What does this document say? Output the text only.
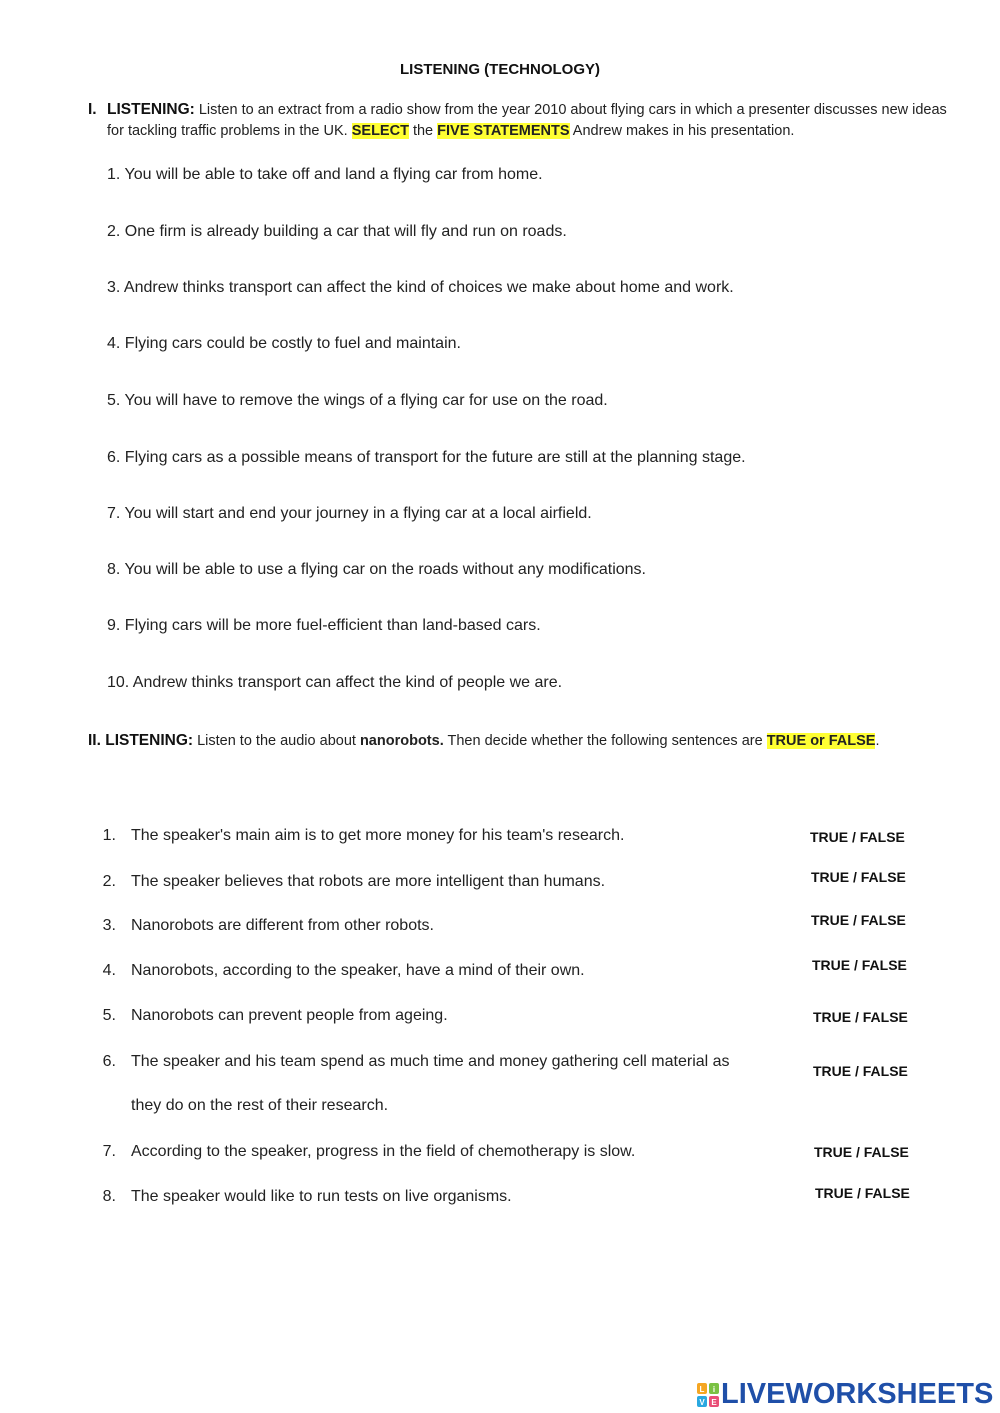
LISTENING (TECHNOLOGY)
I. LISTENING: Listen to an extract from a radio show from the year 2010 about flying cars in which a presenter discusses new ideas for tackling traffic problems in the UK. SELECT the FIVE STATEMENTS Andrew makes in his presentation.
1. You will be able to take off and land a flying car from home.
2. One firm is already building a car that will fly and run on roads.
3. Andrew thinks transport can affect the kind of choices we make about home and work.
4. Flying cars could be costly to fuel and maintain.
5. You will have to remove the wings of a flying car for use on the road.
6. Flying cars as a possible means of transport for the future are still at the planning stage.
7. You will start and end your journey in a flying car at a local airfield.
8. You will be able to use a flying car on the roads without any modifications.
9. Flying cars will be more fuel-efficient than land-based cars.
10. Andrew thinks transport can affect the kind of people we are.
II. LISTENING: Listen to the audio about nanorobots. Then decide whether the following sentences are TRUE or FALSE.
1. The speaker's main aim is to get more money for his team's research.	TRUE / FALSE
2. The speaker believes that robots are more intelligent than humans.	TRUE / FALSE
3. Nanorobots are different from other robots.	TRUE / FALSE
4. Nanorobots, according to the speaker, have a mind of their own.	TRUE / FALSE
5. Nanorobots can prevent people from ageing.	TRUE / FALSE
6. The speaker and his team spend as much time and money gathering cell material as
they do on the rest of their research.
TRUE / FALSE
7. According to the speaker, progress in the field of chemotherapy is slow.	TRUE / FALSE
8. The speaker would like to run tests on live organisms.	TRUE / FALSE
L i
V E LIVEWORKSHEETS
